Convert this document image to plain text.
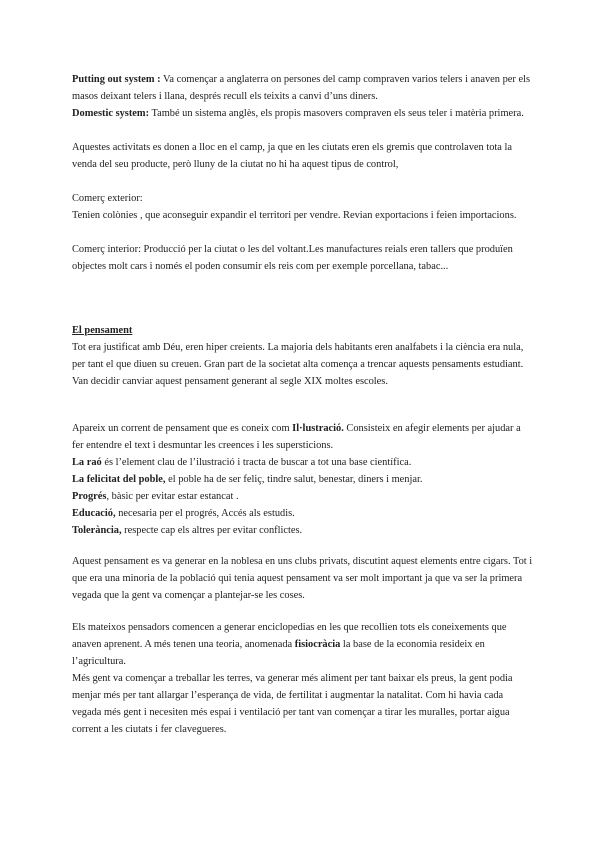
Putting out system : Va començar a anglaterra on persones del camp compraven varios telers i anaven per els masos deixant telers i llana, després recull els teixits a canvi d’uns diners.
Domestic system: També un sistema anglès, els propis masovers compraven els seus teler i matèria primera.

Aquestes activitats es donen a lloc en el camp, ja que en les ciutats eren els gremis que controlaven tota la venda del seu producte, però lluny de la ciutat no hi ha aquest tipus de control,

Comerç exterior:
Tenien colònies , que aconseguir expandir el territori per vendre. Revian exportacions i feien importacions.

Comerç interior: Producció per la ciutat o les del voltant.Les manufactures reials eren tallers que produïen objectes molt cars i només el poden consumir els reis com per exemple porcellana, tabac...

El pensament
Tot era justificat amb Déu, eren hiper creients. La majoria dels habitants eren analfabets i la ciència era nula, per tant el que diuen su creuen. Gran part de la societat alta comença a trencar aquests pensaments estudiant.
Van decidir canviar aquest pensament generant al segle XIX moltes escoles.

Apareix un corrent de pensament que es coneix com Il·lustració. Consisteix en afegir elements per ajudar a fer entendre el text i desmuntar les creences i les supersticions.
La raó és l’element clau de l’ilustració i tracta de buscar a tot una base científica.
La felicitat del poble, el poble ha de ser feliç, tindre salut, benestar, diners i menjar.
Progrés, bàsic per evitar estar estancat .
Educació, necesaria per el progrés, Accés als estudis.
Tolerància, respecte cap els altres per evitar conflictes.

Aquest pensament es va generar en la noblesa en uns clubs privats, discutint aquest elements entre cigars. Tot i que era una minoria de la població qui tenia aquest pensament va ser molt important ja que va ser la primera vegada que la gent va començar a plantejar-se les coses.

Els mateixos pensadors comencen a generar enciclopedias en les que recollien tots els coneixements que anaven aprenent. A més tenen una teoria, anomenada fisiocràcia la base de la economia resideix en l’agricultura.
Més gent va començar a treballar les terres, va generar més aliment per tant baixar els preus, la gent podia menjar més per tant allargar l’esperança de vida, de fertilitat i augmentar la natalitat. Com hi havia cada vegada més gent i necesiten més espai i ventilació per tant van començar a tirar les muralles, portar aigua corrent a les ciutats i fer clavegueres.
